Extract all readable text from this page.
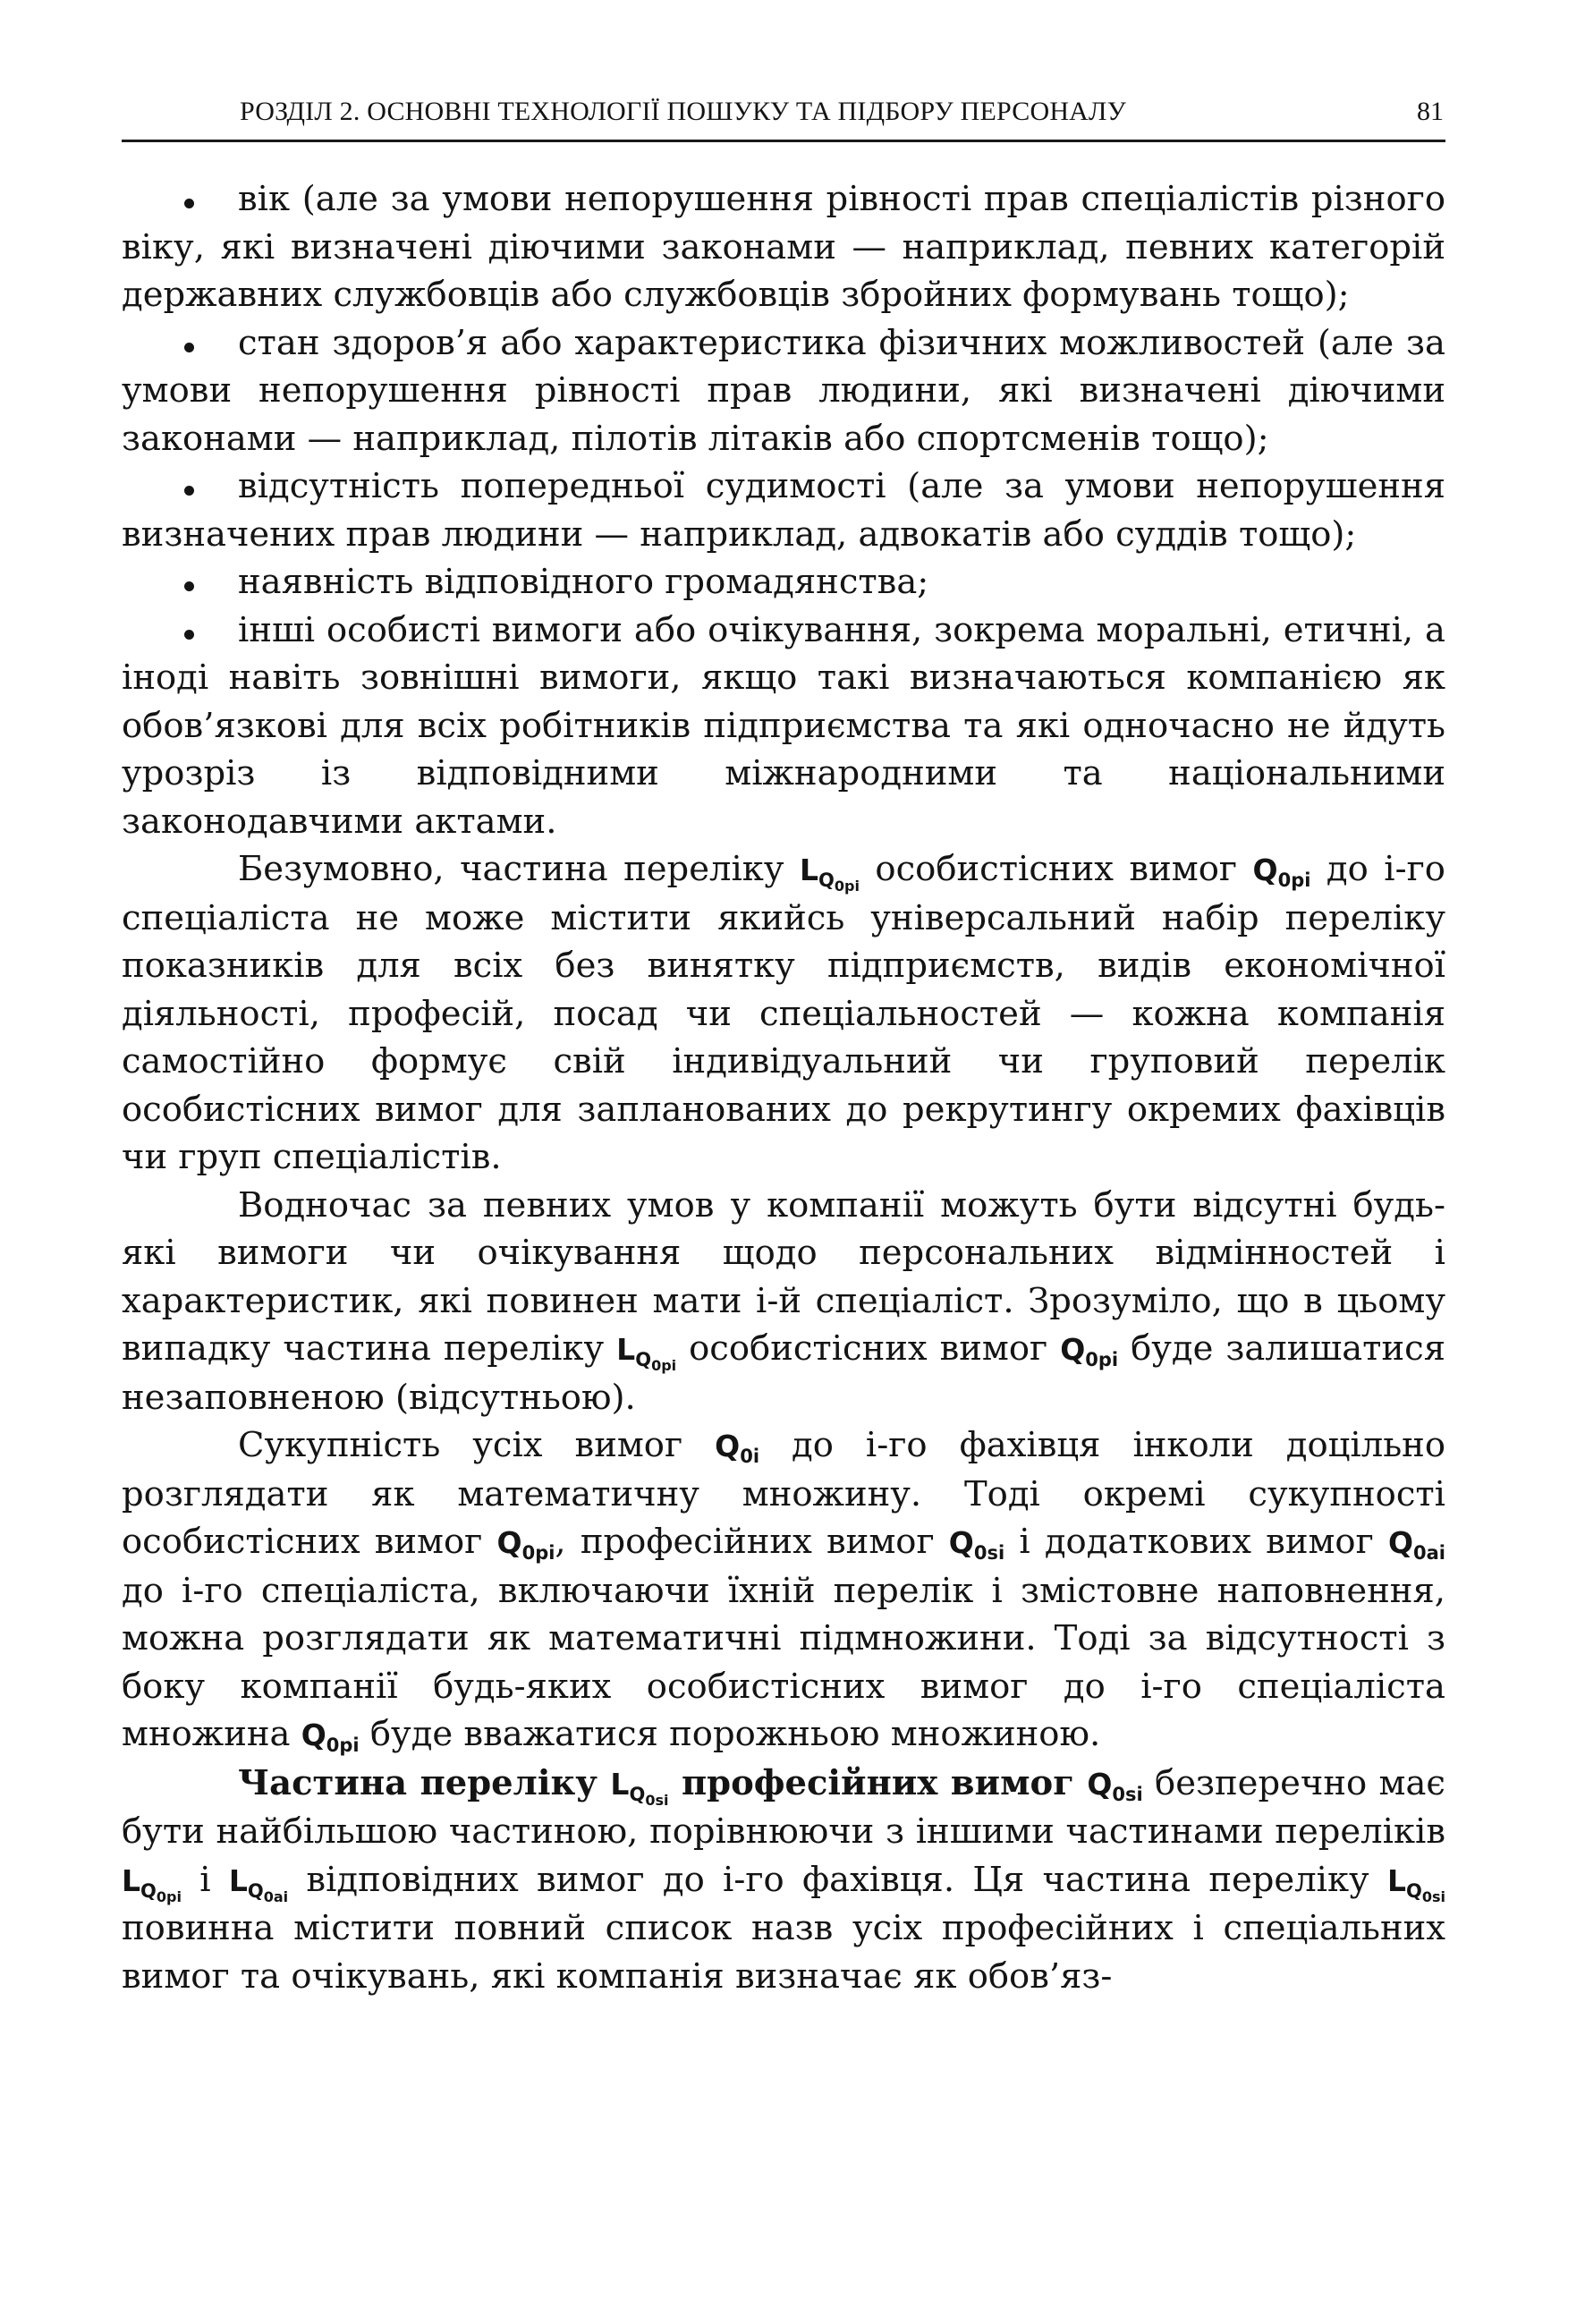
РОЗДІЛ 2. ОСНОВНІ ТЕХНОЛОГІЇ ПОШУКУ ТА ПІДБОРУ ПЕРСОНАЛУ	81

вік (але за умови непорушення рівності прав спеціалістів різного віку, які визначені діючими законами — наприклад, певних категорій державних службовців або службовців збройних формувань тощо);

стан здоров’я або характеристика фізичних можливостей (але за умови непорушення рівності прав людини, які визначені діючими законами — наприклад, пілотів літаків або спортсменів тощо);

відсутність попередньої судимості (але за умови непорушення визначених прав людини — наприклад, адвокатів або суддів тощо);

наявність відповідного громадянства;

інші особисті вимоги або очікування, зокрема моральні, етичні, а іноді навіть зовнішні вимоги, якщо такі визначаються компанією як обов’язкові для всіх робітників підприємства та які одночасно не йдуть урозріз із відповідними міжнародними та національними законодавчими актами.

Безумовно, частина переліку $L_{Q_{0pi}}$ особистісних вимог $Q_{0pi}$ до i-го спеціаліста не може містити якийсь універсальний набір переліку показників для всіх без винятку підприємств, видів економічної діяльності, професій, посад чи спеціальностей — кожна компанія самостійно формує свій індивідуальний чи груповий перелік особистісних вимог для запланованих до рекрутингу окремих фахівців чи груп спеціалістів.

Водночас за певних умов у компанії можуть бути відсутні будь-які вимоги чи очікування щодо персональних відмінностей і характеристик, які повинен мати i-й спеціаліст. Зрозуміло, що в цьому випадку частина переліку $L_{Q_{0pi}}$ особистісних вимог $Q_{0pi}$ буде залишатися незаповненою (відсутньою).

Сукупність усіх вимог $Q_{0i}$ до i-го фахівця інколи доцільно розглядати як математичну множину. Тоді окремі сукупності особистісних вимог $Q_{0pi}$, професійних вимог $Q_{0si}$ і додаткових вимог $Q_{0ai}$ до i-го спеціаліста, включаючи їхній перелік і змістовне наповнення, можна розглядати як математичні підмножини. Тоді за відсутності з боку компанії будь-яких особистісних вимог до i-го спеціаліста множина $Q_{0pi}$ буде вважатися порожньою множиною.

Частина переліку $L_{Q_{0si}}$ професійних вимог $Q_{0si}$ безперечно має бути найбільшою частиною, порівнюючи з іншими частинами переліків $L_{Q_{0pi}}$ і $L_{Q_{0ai}}$ відповідних вимог до i-го фахівця. Ця частина переліку $L_{Q_{0si}}$ повинна містити повний список назв усіх професійних і спеціальних вимог та очікувань, які компанія визначає як обов’яз-
